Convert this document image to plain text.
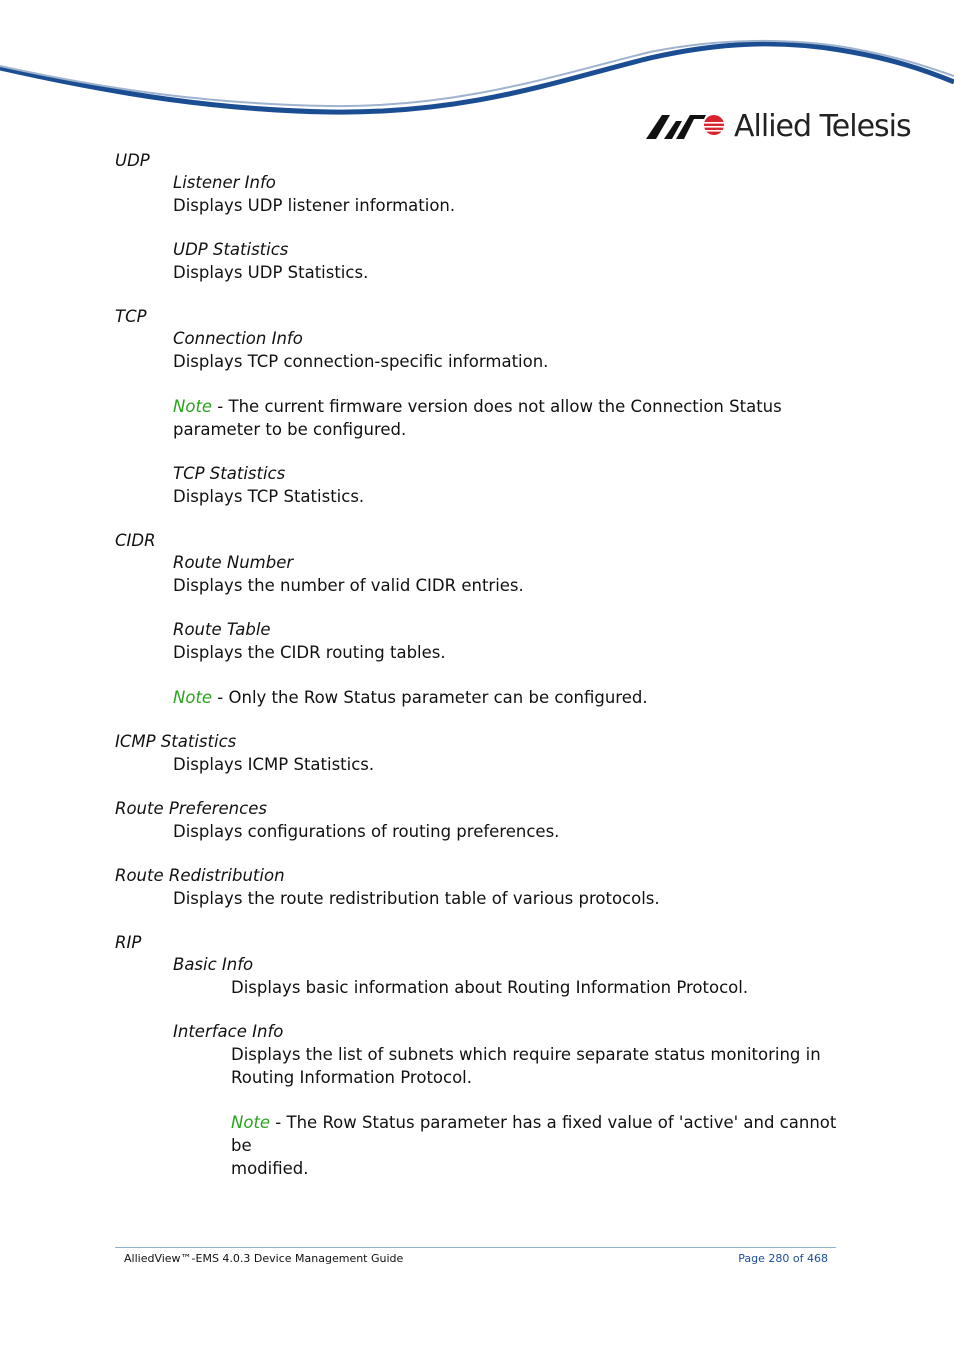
Allied Telesis
UDP
Listener Info
Displays UDP listener information.
UDP Statistics
Displays UDP Statistics.
TCP
Connection Info
Displays TCP connection-specific information.
Note - The current firmware version does not allow the Connection Status
parameter to be configured.
TCP Statistics
Displays TCP Statistics.
CIDR
Route Number
Displays the number of valid CIDR entries.
Route Table
Displays the CIDR routing tables.
Note - Only the Row Status parameter can be configured.
ICMP Statistics
Displays ICMP Statistics.
Route Preferences
Displays configurations of routing preferences.
Route Redistribution
Displays the route redistribution table of various protocols.
RIP
Basic Info
Displays basic information about Routing Information Protocol.
Interface Info
Displays the list of subnets which require separate status monitoring in
Routing Information Protocol.
Note - The Row Status parameter has a fixed value of 'active' and cannot be
modified.
AlliedView™-EMS 4.0.3 Device Management Guide	Page 280 of 468
